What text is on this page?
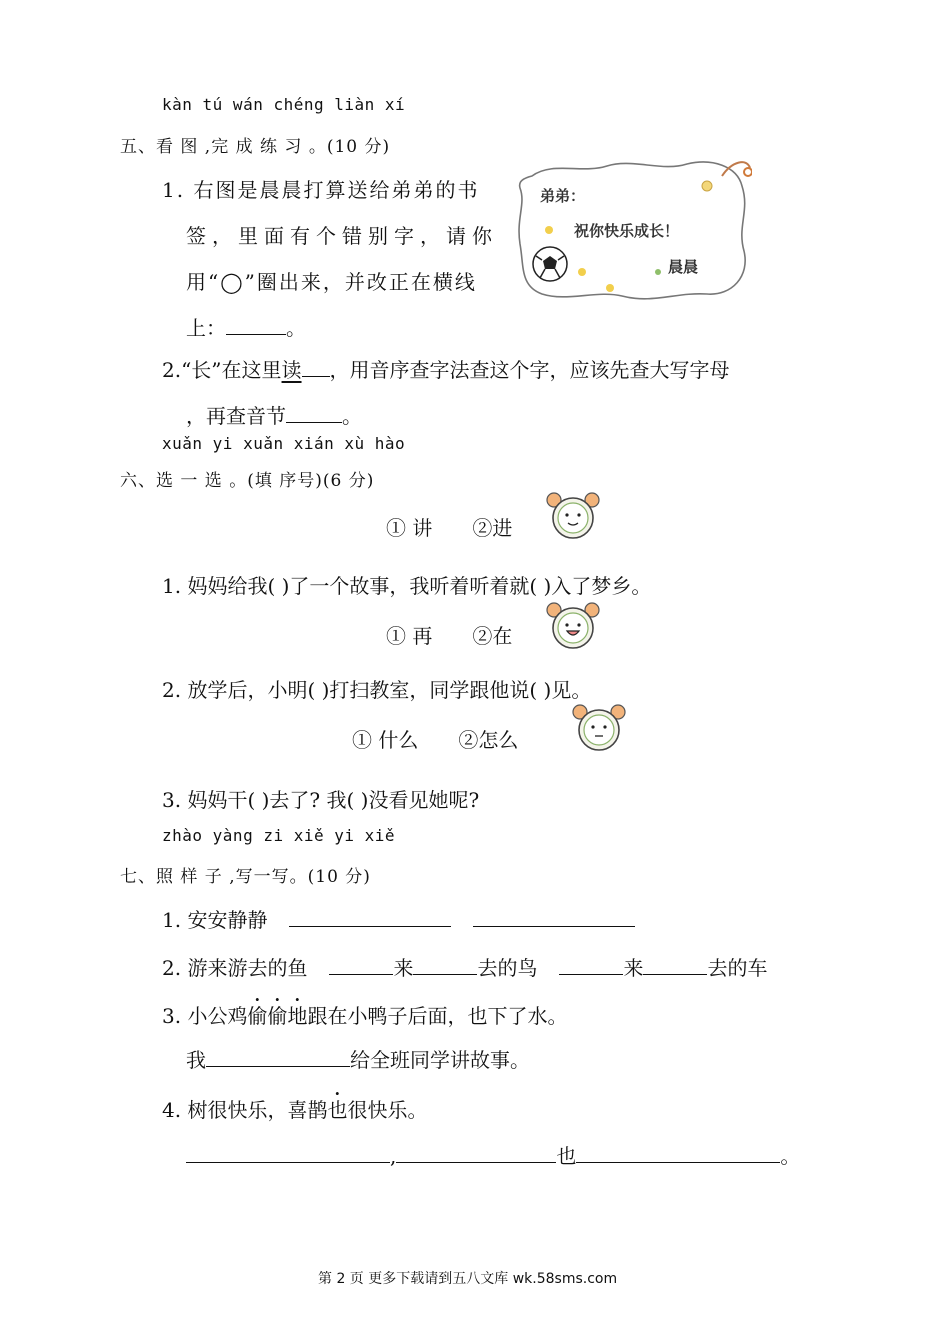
kàn tú wán chéng liàn xí
五、看 图 ,完 成 练 习 。(10 分)
1. 右图是晨晨打算送给弟弟的书
签，里面有个错别字，请你
用“◯”圈出来，并改正在横线
上：	。
弟弟：
祝你快乐成长！
晨晨
2.“长”在这里读 ，用音序查字法查这个字，应该先查大写字母
，再查音节	。
xuǎn yi xuǎn xián xù hào
六、选 一 选 。(填 序号)(6 分)
① 讲 ②进
1. 妈妈给我( )了一个故事，我听着听着就( )入了梦乡。
① 再 ②在
2. 放学后，小明( )打扫教室，同学跟他说( )见。
① 什么 ②怎么
3. 妈妈干( )去了? 我( )没看见她呢?
zhào yàng zi xiě yi xiě
七、照 样 子 ,写一写。(10 分)
1. 安安静静
2. 游来游去的鱼	来	去的鸟	来	去的车
3. 小公鸡偷偷地跟在小鸭子后面，也下了水。
我	给全班同学讲故事。
4. 树很快乐，喜鹊也很快乐。
,	也	。
第 2 页 更多下载请到五八文库 wk.58sms.com
